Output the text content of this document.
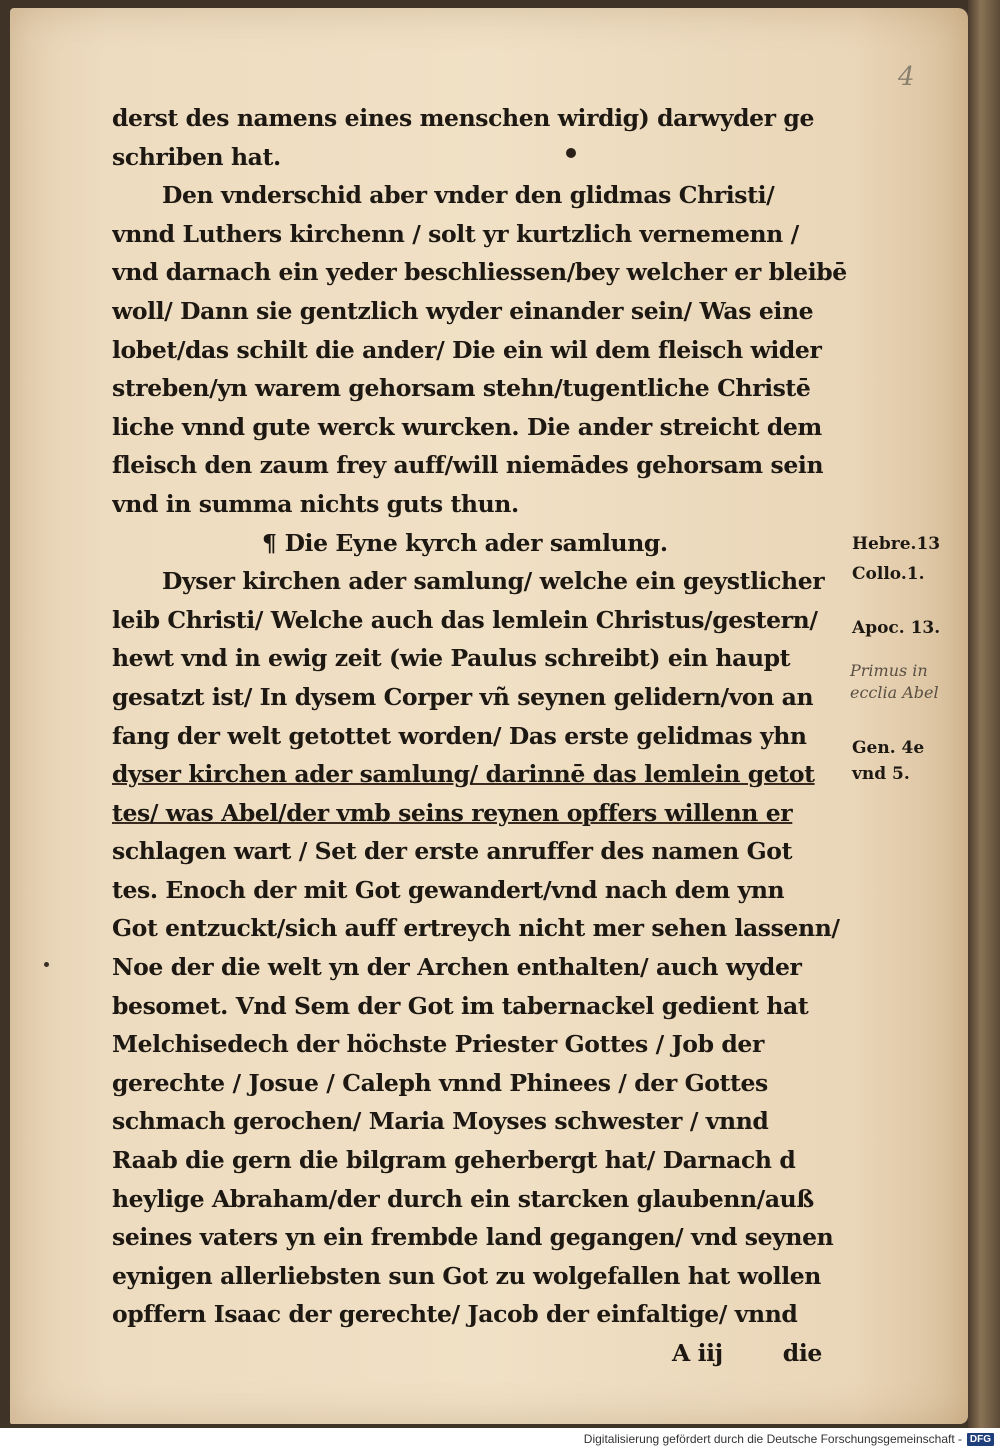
4
derst des namens eines menschen wirdig) darwyder ge
schriben hat.
Den vnderschid aber vnder den glidmas Christi/
vnnd Luthers kirchenn / solt yr kurtzlich vernemenn /
vnd darnach ein yeder beschliessen/bey welcher er bleibē
woll/ Dann sie gentzlich wyder einander sein/ Was eine
lobet/das schilt die ander/ Die ein wil dem fleisch wider
streben/yn warem gehorsam stehn/tugentliche Christē
liche vnnd gute werck wurcken. Die ander streicht dem
fleisch den zaum frey auff/will niemādes gehorsam sein
vnd in summa nichts guts thun.
¶ Die Eyne kyrch ader samlung.
Dyser kirchen ader samlung/ welche ein geystlicher
leib Christi/ Welche auch das lemlein Christus/gestern/
hewt vnd in ewig zeit (wie Paulus schreibt) ein haupt
gesatzt ist/ In dysem Corper vñ seynen gelidern/von an
fang der welt getottet worden/ Das erste gelidmas yhn
dyser kirchen ader samlung/ darinnē das lemlein getot
tes/ was Abel/der vmb seins reynen opffers willenn er
schlagen wart / Set der erste anruffer des namen Got
tes. Enoch der mit Got gewandert/vnd nach dem ynn
Got entzuckt/sich auff ertreych nicht mer sehen lassenn/
Noe der die welt yn der Archen enthalten/ auch wyder
besomet. Vnd Sem der Got im tabernackel gedient hat
Melchisedech der höchste Priester Gottes / Job der
gerechte / Josue / Caleph vnnd Phinees / der Gottes
schmach gerochen/ Maria Moyses schwester / vnnd
Raab die gern die bilgram geherbergt hat/ Darnach d
heylige Abraham/der durch ein starcken glaubenn/auß
seines vaters yn ein frembde land gegangen/ vnd seynen
eynigen allerliebsten sun Got zu wolgefallen hat wollen
opffern Isaac der gerechte/ Jacob der einfaltige/ vnnd
A iij	die
Hebre.13
Collo.1.
Apoc. 13.
Gen. 4e
vnd 5.
Primus in
ecclia Abel
Digitalisierung gefördert durch die Deutsche Forschungsgemeinschaft - DFG
